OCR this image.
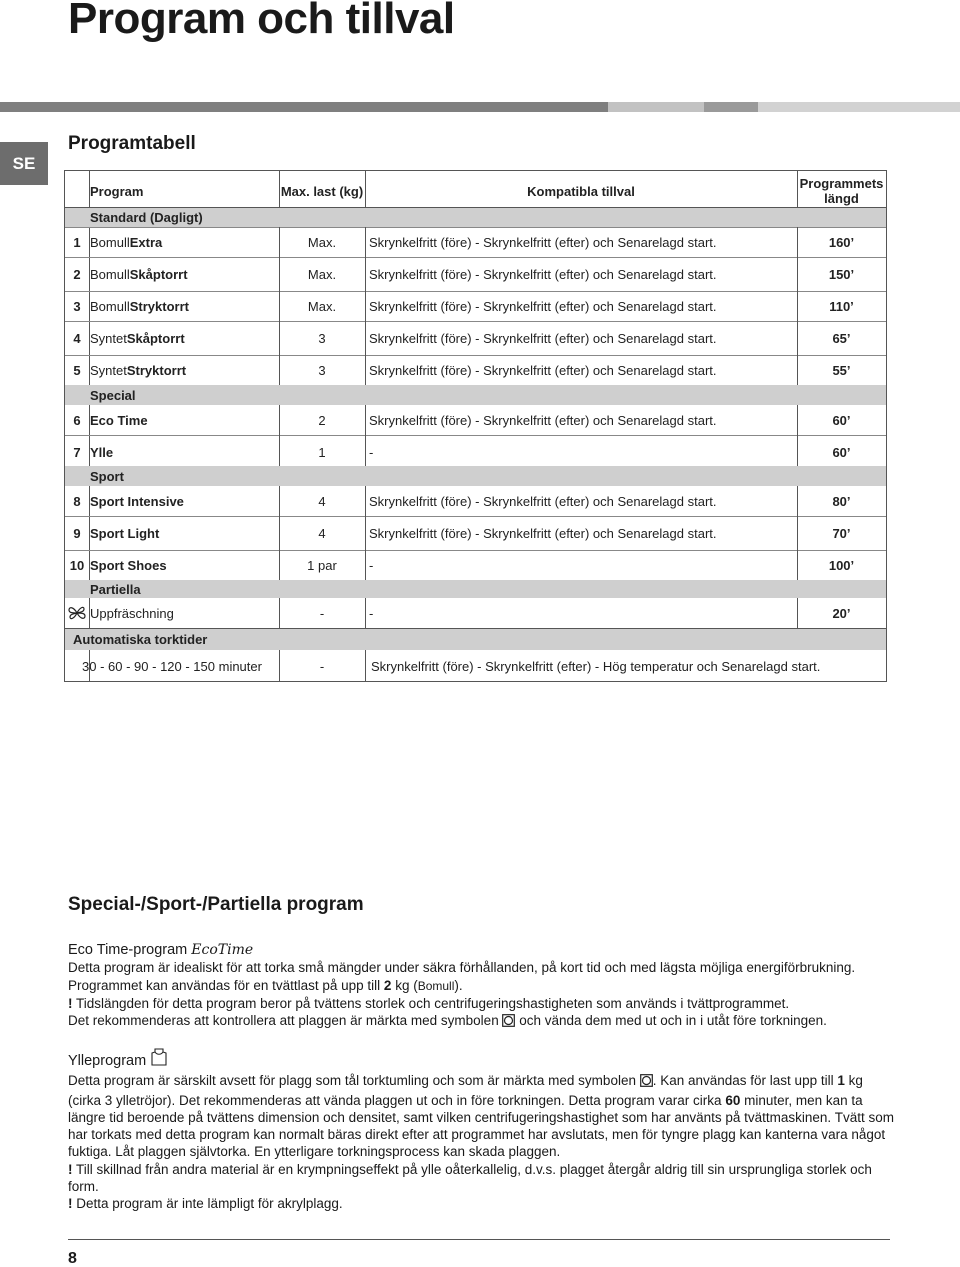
Program och tillval
SE
Programtabell
Program	Max. last (kg)	Kompatibla tillval	Programmets längd
Standard (Dagligt)
1 Bomull Extra	Max.	Skrynkelfritt (före) - Skrynkelfritt (efter) och Senarelagd start.	160’
2 Bomull Skåptorrt	Max.	Skrynkelfritt (före) - Skrynkelfritt (efter) och Senarelagd start.	150’
3 Bomull Stryktorrt	Max.	Skrynkelfritt (före) - Skrynkelfritt (efter) och Senarelagd start.	110’
4 Syntet Skåptorrt	3	Skrynkelfritt (före) - Skrynkelfritt (efter) och Senarelagd start.	65’
5 Syntet Stryktorrt	3	Skrynkelfritt (före) - Skrynkelfritt (efter) och Senarelagd start.	55’
Special
6 Eco Time	2	Skrynkelfritt (före) - Skrynkelfritt (efter) och Senarelagd start.	60’
7 Ylle	1	-	60’
Sport
8 Sport Intensive	4	Skrynkelfritt (före) - Skrynkelfritt (efter) och Senarelagd start.	80’
9 Sport Light	4	Skrynkelfritt (före) - Skrynkelfritt (efter) och Senarelagd start.	70’
10 Sport Shoes	1 par	-	100’
Partiella
Uppfräschning	-	-	20’
Automatiska torktider
30 - 60 - 90 - 120 - 150 minuter	-	Skrynkelfritt (före) - Skrynkelfritt (efter) - Hög temperatur och Senarelagd start.
Special-/Sport-/Partiella program
Eco Time-program EcoTime
Detta program är idealiskt för att torka små mängder under säkra förhållanden, på kort tid och med lägsta möjliga energiförbrukning.
Programmet kan användas för en tvättlast på upp till 2 kg (Bomull).
! Tidslängden för detta program beror på tvättens storlek och centrifugeringshastigheten som används i tvättprogrammet.
Det rekommenderas att kontrollera att plaggen är märkta med symbolen  och vända dem med ut och in i utåt före torkningen.
Ylleprogram
Detta program är särskilt avsett för plagg som tål torktumling och som är märkta med symbolen . Kan användas för last upp till 1 kg (cirka 3 ylletröjor). Det rekommenderas att vända plaggen ut och in före torkningen. Detta program varar cirka 60 minuter, men kan ta längre tid beroende på tvättens dimension och densitet, samt vilken centrifugeringshastighet som har använts på tvättmaskinen. Tvätt som har torkats med detta program kan normalt bäras direkt efter att programmet har avslutats, men för tyngre plagg kan kanterna vara något fuktiga. Låt plaggen självtorka. En ytterligare torkningsprocess kan skada plaggen.
! Till skillnad från andra material är en krympningseffekt på ylle oåterkallelig, d.v.s. plagget återgår aldrig till sin ursprungliga storlek och form.
! Detta program är inte lämpligt för akrylplagg.
8
